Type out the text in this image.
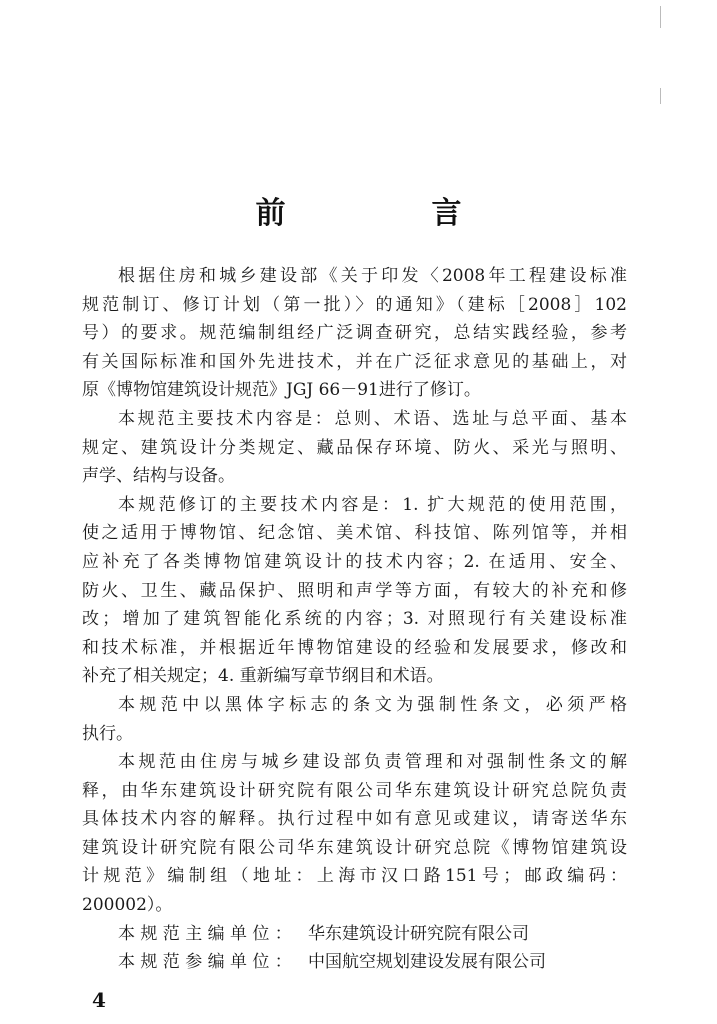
前　言
根据住房和城乡建设部《关于印发〈2008年工程建设标准
规范制订、修订计划（第一批）〉的通知》（建标［2008］102
号）的要求。规范编制组经广泛调查研究，总结实践经验，参考
有关国际标准和国外先进技术，并在广泛征求意见的基础上，对
原《博物馆建筑设计规范》JGJ 66－91进行了修订。
本规范主要技术内容是：总则、术语、选址与总平面、基本
规定、建筑设计分类规定、藏品保存环境、防火、采光与照明、
声学、结构与设备。
本规范修订的主要技术内容是：1. 扩大规范的使用范围，
使之适用于博物馆、纪念馆、美术馆、科技馆、陈列馆等，并相
应补充了各类博物馆建筑设计的技术内容；2. 在适用、安全、
防火、卫生、藏品保护、照明和声学等方面，有较大的补充和修
改；增加了建筑智能化系统的内容；3. 对照现行有关建设标准
和技术标准，并根据近年博物馆建设的经验和发展要求，修改和
补充了相关规定；4. 重新编写章节纲目和术语。
本规范中以黑体字标志的条文为强制性条文，必须严格
执行。
本规范由住房与城乡建设部负责管理和对强制性条文的解
释，由华东建筑设计研究院有限公司华东建筑设计研究总院负责
具体技术内容的解释。执行过程中如有意见或建议，请寄送华东
建筑设计研究院有限公司华东建筑设计研究总院《博物馆建筑设
计规范》编制组（地址：上海市汉口路151号；邮政编码：
200002）。
本规范主编单位： 华东建筑设计研究院有限公司
本规范参编单位： 中国航空规划建设发展有限公司
4
